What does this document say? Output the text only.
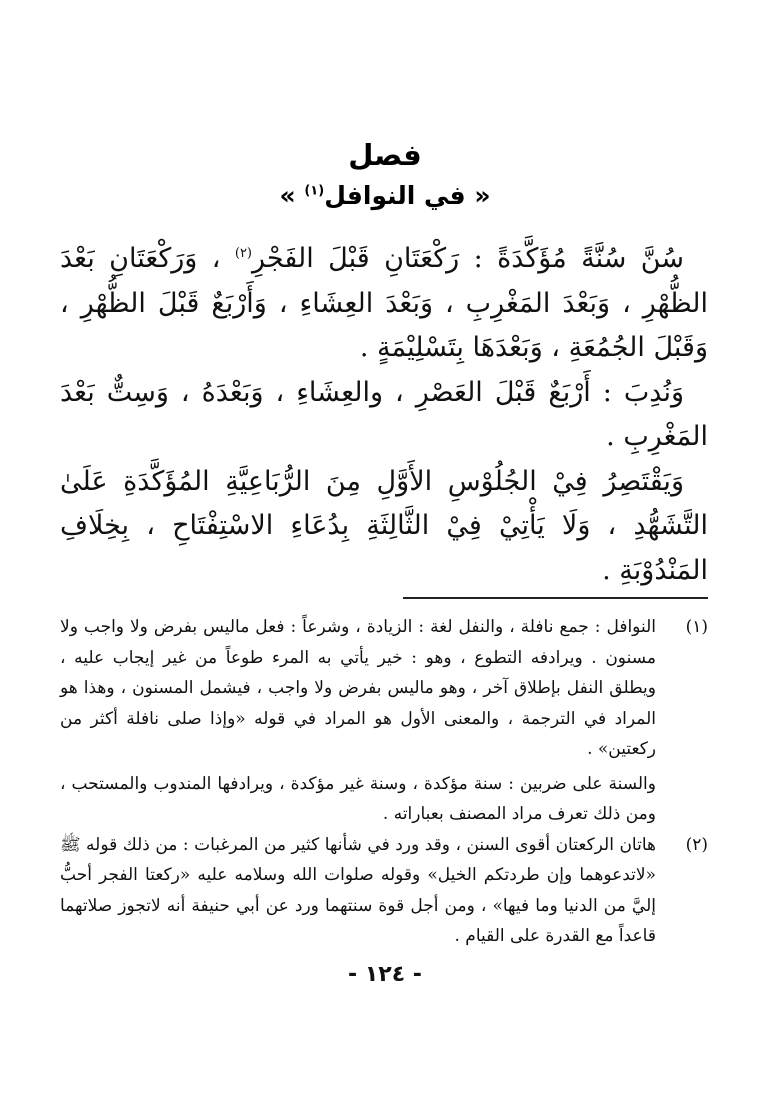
فصل
« في النوافل$^{(١)}$ »

سُنَّ سُنَّةً مُؤَكَّدَةً : رَكْعَتَانِ قَبْلَ الفَجْرِ$^{(٢)}$ ، وَرَكْعَتَانِ بَعْدَ الظُّهْرِ ، وَبَعْدَ المَغْرِبِ ، وَبَعْدَ العِشَاءِ ، وَأَرْبَعٌ قَبْلَ الظُّهْرِ ، وَقَبْلَ الجُمُعَةِ ، وَبَعْدَهَا بِتَسْلِيْمَةٍ .

وَنُدِبَ : أَرْبَعٌ قَبْلَ العَصْرِ ، والعِشَاءِ ، وَبَعْدَهُ ، وَسِتٌّ بَعْدَ المَغْرِبِ .

وَيَقْتَصِرُ فِيْ الجُلُوْسِ الأَوَّلِ مِنَ الرُّبَاعِيَّةِ المُؤَكَّدَةِ عَلَىٰ التَّشَهُّدِ ، وَلَا يَأْتِيْ فِيْ الثَّالِثَةِ بِدُعَاءِ الاسْتِفْتَاحِ ، بِخِلَافِ المَنْدُوْبَةِ .

(١)

النوافل : جمع نافلة ، والنفل لغة : الزيادة ، وشرعاً : فعل ماليس بفرض ولا واجب ولا مسنون . ويرادفه التطوع ، وهو : خير يأتي به المرء طوعاً من غير إيجاب عليه ، ويطلق النفل بإطلاق آخر ، وهو ماليس بفرض ولا واجب ، فيشمل المسنون ، وهذا هو المراد في الترجمة ، والمعنى الأول هو المراد في قوله «وإذا صلى نافلة أكثر من ركعتين» .

والسنة على ضربين : سنة مؤكدة ، وسنة غير مؤكدة ، ويرادفها المندوب والمستحب ، ومن ذلك تعرف مراد المصنف بعباراته .

(٢)

هاتان الركعتان أقوى السنن ، وقد ورد في شأنها كثير من المرغبات : من ذلك قوله ﷺ «لاتدعوهما وإن طردتكم الخيل» وقوله صلوات الله وسلامه عليه «ركعتا الفجر أحبُّ إليَّ من الدنيا وما فيها» ، ومن أجل قوة سنتهما ورد عن أبي حنيفة أنه لاتجوز صلاتهما قاعداً مع القدرة على القيام .

- ١٢٤ -
